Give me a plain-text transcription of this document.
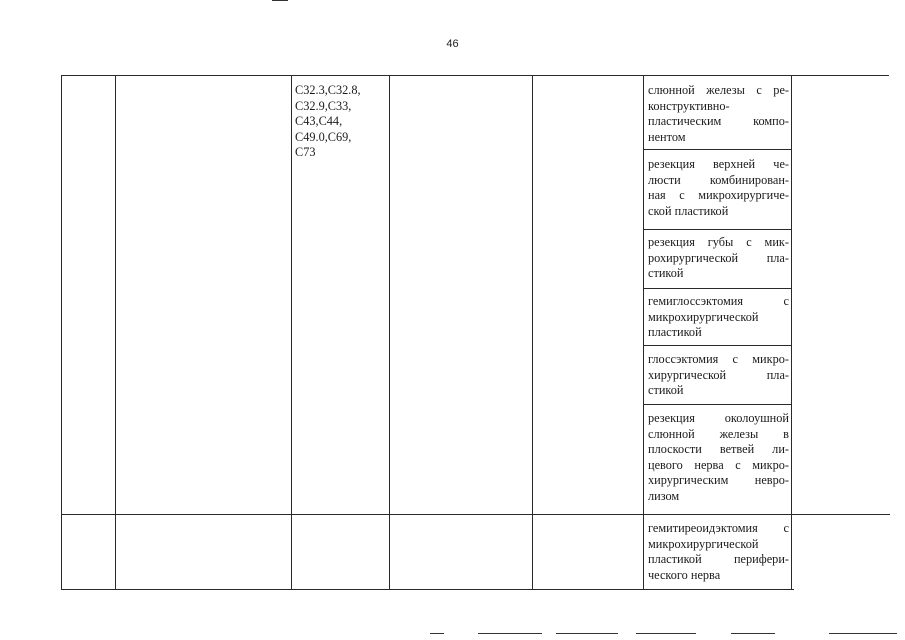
46
C32.3,C32.8,
C32.9,C33,
C43,C44,
C49.0,C69,
C73
слюнной железы с ре-
конструктивно-
пластическим компо-
нентом
резекция верхней че-
люсти комбинирован-
ная с микрохирургиче-
ской пластикой
резекция губы с мик-
рохирургической пла-
стикой
гемиглоссэктомия с
микрохирургической
пластикой
глоссэктомия с микро-
хирургической пла-
стикой
резекция околоушной
слюнной железы в
плоскости ветвей ли-
цевого нерва с микро-
хирургическим невро-
лизом
гемитиреоидэктомия с
микрохирургической
пластикой перифери-
ческого нерва
